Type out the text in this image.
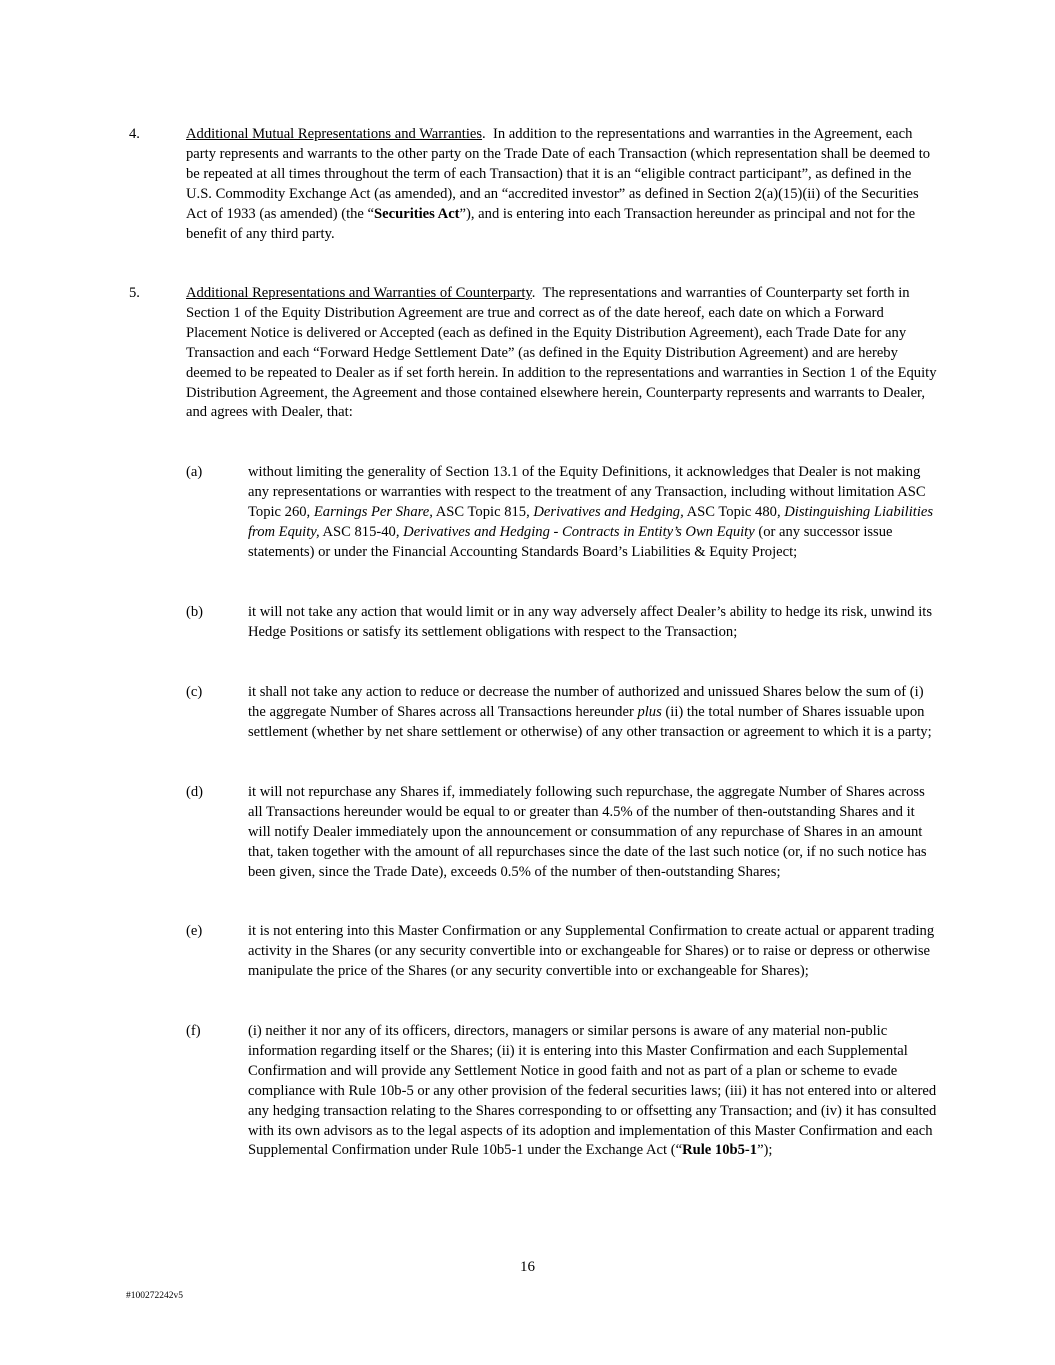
4.	Additional Mutual Representations and Warranties.  In addition to the representations and warranties in the Agreement, each party represents and warrants to the other party on the Trade Date of each Transaction (which representation shall be deemed to be repeated at all times throughout the term of each Transaction) that it is an “eligible contract participant”, as defined in the U.S. Commodity Exchange Act (as amended), and an “accredited investor” as defined in Section 2(a)(15)(ii) of the Securities Act of 1933 (as amended) (the “Securities Act”), and is entering into each Transaction hereunder as principal and not for the benefit of any third party.
5.	Additional Representations and Warranties of Counterparty.  The representations and warranties of Counterparty set forth in Section 1 of the Equity Distribution Agreement are true and correct as of the date hereof, each date on which a Forward Placement Notice is delivered or Accepted (each as defined in the Equity Distribution Agreement), each Trade Date for any Transaction and each “Forward Hedge Settlement Date” (as defined in the Equity Distribution Agreement) and are hereby deemed to be repeated to Dealer as if set forth herein. In addition to the representations and warranties in Section 1 of the Equity Distribution Agreement, the Agreement and those contained elsewhere herein, Counterparty represents and warrants to Dealer, and agrees with Dealer, that:
(a)	without limiting the generality of Section 13.1 of the Equity Definitions, it acknowledges that Dealer is not making any representations or warranties with respect to the treatment of any Transaction, including without limitation ASC Topic 260, Earnings Per Share, ASC Topic 815, Derivatives and Hedging, ASC Topic 480, Distinguishing Liabilities from Equity, ASC 815-40, Derivatives and Hedging - Contracts in Entity’s Own Equity (or any successor issue statements) or under the Financial Accounting Standards Board’s Liabilities & Equity Project;
(b)	it will not take any action that would limit or in any way adversely affect Dealer’s ability to hedge its risk, unwind its Hedge Positions or satisfy its settlement obligations with respect to the Transaction;
(c)	it shall not take any action to reduce or decrease the number of authorized and unissued Shares below the sum of (i) the aggregate Number of Shares across all Transactions hereunder plus (ii) the total number of Shares issuable upon settlement (whether by net share settlement or otherwise) of any other transaction or agreement to which it is a party;
(d)	it will not repurchase any Shares if, immediately following such repurchase, the aggregate Number of Shares across all Transactions hereunder would be equal to or greater than 4.5% of the number of then-outstanding Shares and it will notify Dealer immediately upon the announcement or consummation of any repurchase of Shares in an amount that, taken together with the amount of all repurchases since the date of the last such notice (or, if no such notice has been given, since the Trade Date), exceeds 0.5% of the number of then-outstanding Shares;
(e)	it is not entering into this Master Confirmation or any Supplemental Confirmation to create actual or apparent trading activity in the Shares (or any security convertible into or exchangeable for Shares) or to raise or depress or otherwise manipulate the price of the Shares (or any security convertible into or exchangeable for Shares);
(f)	(i) neither it nor any of its officers, directors, managers or similar persons is aware of any material non-public information regarding itself or the Shares; (ii) it is entering into this Master Confirmation and each Supplemental Confirmation and will provide any Settlement Notice in good faith and not as part of a plan or scheme to evade compliance with Rule 10b-5 or any other provision of the federal securities laws; (iii) it has not entered into or altered any hedging transaction relating to the Shares corresponding to or offsetting any Transaction; and (iv) it has consulted with its own advisors as to the legal aspects of its adoption and implementation of this Master Confirmation and each Supplemental Confirmation under Rule 10b5-1 under the Exchange Act (“Rule 10b5-1”);
16
#100272242v5
